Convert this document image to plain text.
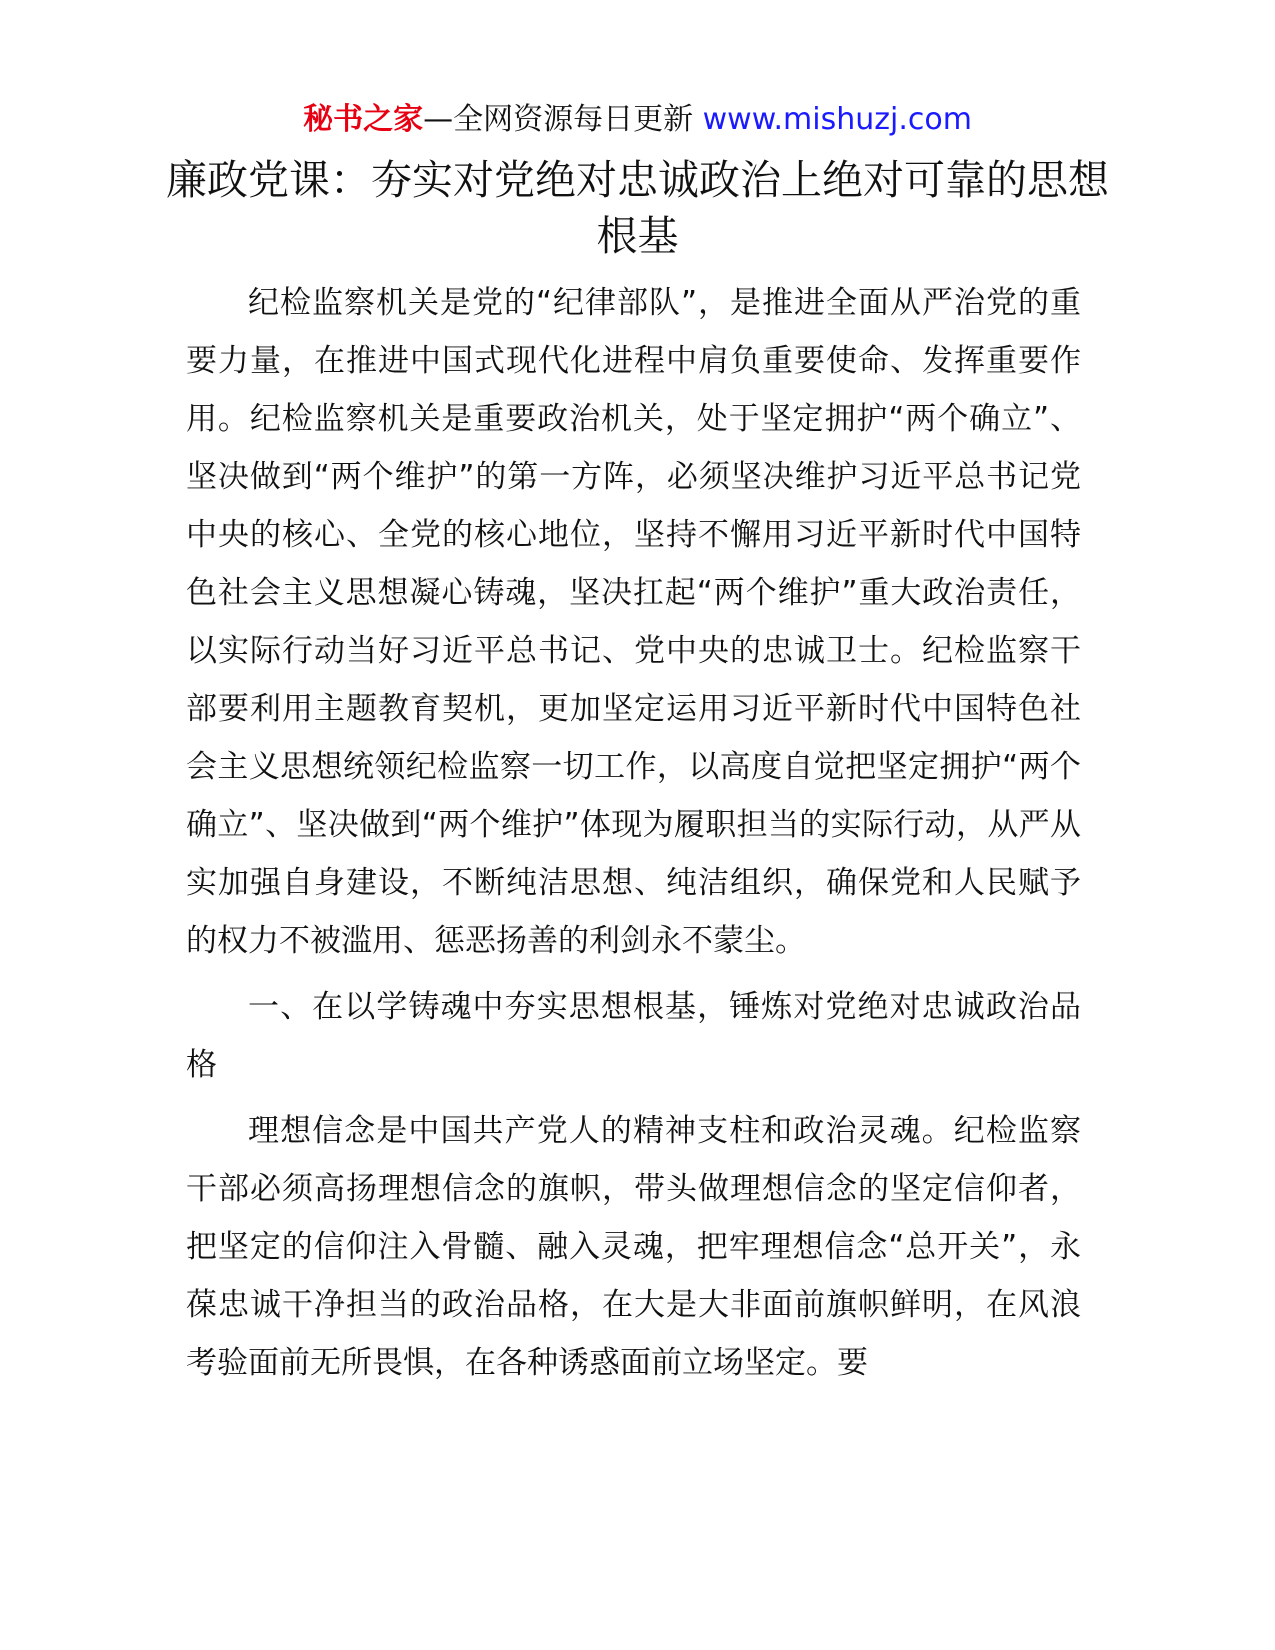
秘书之家—全网资源每日更新 www.mishuzj.com
廉政党课：夯实对党绝对忠诚政治上绝对可靠的思想根基

纪检监察机关是党的“纪律部队”，是推进全面从严治党的重要力量，在推进中国式现代化进程中肩负重要使命、发挥重要作用。纪检监察机关是重要政治机关，处于坚定拥护“两个确立”、坚决做到“两个维护”的第一方阵，必须坚决维护习近平总书记党中央的核心、全党的核心地位，坚持不懈用习近平新时代中国特色社会主义思想凝心铸魂，坚决扛起“两个维护”重大政治责任，以实际行动当好习近平总书记、党中央的忠诚卫士。纪检监察干部要利用主题教育契机，更加坚定运用习近平新时代中国特色社会主义思想统领纪检监察一切工作，以高度自觉把坚定拥护“两个确立”、坚决做到“两个维护”体现为履职担当的实际行动，从严从实加强自身建设，不断纯洁思想、纯洁组织，确保党和人民赋予的权力不被滥用、惩恶扬善的利剑永不蒙尘。

一、在以学铸魂中夯实思想根基，锤炼对党绝对忠诚政治品格

理想信念是中国共产党人的精神支柱和政治灵魂。纪检监察干部必须高扬理想信念的旗帜，带头做理想信念的坚定信仰者，把坚定的信仰注入骨髓、融入灵魂，把牢理想信念“总开关”，永葆忠诚干净担当的政治品格，在大是大非面前旗帜鲜明，在风浪考验面前无所畏惧，在各种诱惑面前立场坚定。要
